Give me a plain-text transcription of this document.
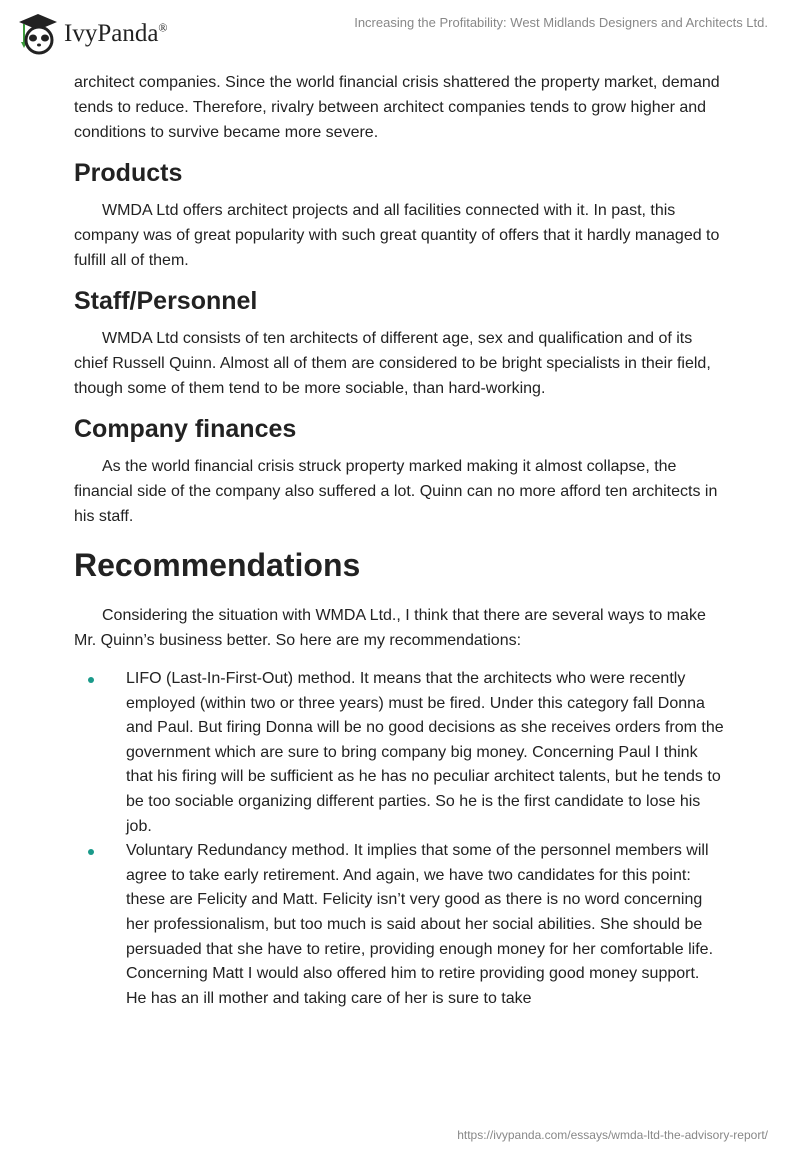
IvyPanda®	Increasing the Profitability: West Midlands Designers and Architects Ltd.

architect companies. Since the world financial crisis shattered the property market, demand tends to reduce. Therefore, rivalry between architect companies tends to grow higher and conditions to survive became more severe.

Products

WMDA Ltd offers architect projects and all facilities connected with it. In past, this company was of great popularity with such great quantity of offers that it hardly managed to fulfill all of them.

Staff/Personnel

WMDA Ltd consists of ten architects of different age, sex and qualification and of its chief Russell Quinn. Almost all of them are considered to be bright specialists in their field, though some of them tend to be more sociable, than hard-working.

Company finances

As the world financial crisis struck property marked making it almost collapse, the financial side of the company also suffered a lot. Quinn can no more afford ten architects in his staff.

Recommendations

Considering the situation with WMDA Ltd., I think that there are several ways to make Mr. Quinn’s business better. So here are my recommendations:

LIFO (Last-In-First-Out) method. It means that the architects who were recently employed (within two or three years) must be fired. Under this category fall Donna and Paul. But firing Donna will be no good decisions as she receives orders from the government which are sure to bring company big money. Concerning Paul I think that his firing will be sufficient as he has no peculiar architect talents, but he tends to be too sociable organizing different parties. So he is the first candidate to lose his job.
Voluntary Redundancy method. It implies that some of the personnel members will agree to take early retirement. And again, we have two candidates for this point: these are Felicity and Matt. Felicity isn’t very good as there is no word concerning her professionalism, but too much is said about her social abilities. She should be persuaded that she have to retire, providing enough money for her comfortable life. Concerning Matt I would also offered him to retire providing good money support. He has an ill mother and taking care of her is sure to take
https://ivypanda.com/essays/wmda-ltd-the-advisory-report/
